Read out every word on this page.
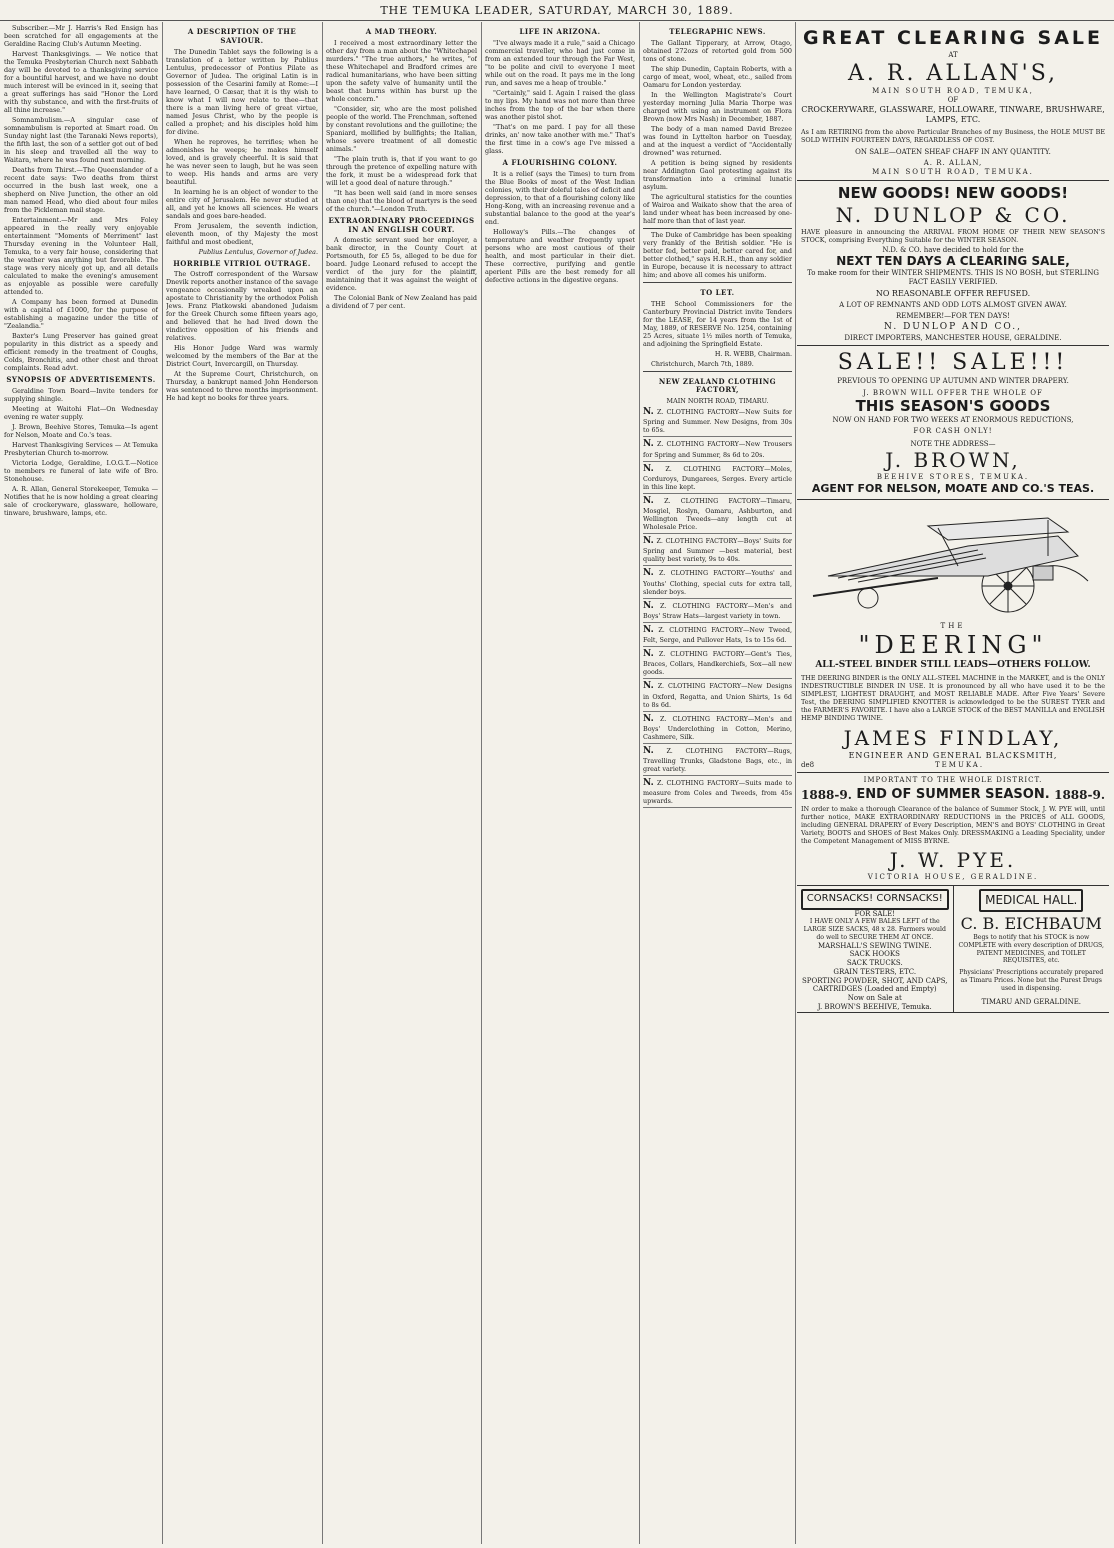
THE TEMUKA LEADER, SATURDAY, MARCH 30, 1889.

Subscriber.—Mr J. Harris's Red Ensign has been scratched for all engagements at the Geraldine Racing Club's Autumn Meeting.

Harvest Thanksgivings. — We notice that the Temuka Presbyterian Church next Sabbath day will be devoted to a thanksgiving service for a bountiful harvest, and we have no doubt much interest will be evinced in it, seeing that a great sufferings has said "Honor the Lord with thy substance, and with the first-fruits of all thine increase."

Somnambulism.—A singular case of somnambulism is reported at Smart road. On Sunday night last (the Taranaki News reports), the fifth last, the son of a settler got out of bed in his sleep and travelled all the way to Waitara, where he was found next morning.

Deaths from Thirst.—The Queenslander of a recent date says: Two deaths from thirst occurred in the bush last week, one a shepherd on Nive Junction, the other an old man named Head, who died about four miles from the Pickleman mail stage.

Entertainment.—Mr and Mrs Foley appeared in the really very enjoyable entertainment "Moments of Merriment" last Thursday evening in the Volunteer Hall, Temuka, to a very fair house, considering that the weather was anything but favorable. The stage was very nicely got up, and all details calculated to make the evening's amusement as enjoyable as possible were carefully attended to.

A Company has been formed at Dunedin with a capital of £1000, for the purpose of establishing a magazine under the title of "Zealandia."

Baxter's Lung Preserver has gained great popularity in this district as a speedy and efficient remedy in the treatment of Coughs, Colds, Bronchitis, and other chest and throat complaints. Read advt.

SYNOPSIS OF ADVERTISEMENTS.

Geraldine Town Board—Invite tenders for supplying shingle.

Meeting at Waitohi Flat—On Wednesday evening re water supply.

J. Brown, Beehive Stores, Temuka—Is agent for Nelson, Moate and Co.'s teas.

Harvest Thanksgiving Services — At Temuka Presbyterian Church to-morrow.

Victoria Lodge, Geraldine, I.O.G.T.—Notice to members re funeral of late wife of Bro. Stonehouse.

A. R. Allan, General Storekeeper, Temuka —Notifies that he is now holding a great clearing sale of crockeryware, glassware, holloware, tinware, brushware, lamps, etc.

A DESCRIPTION OF THE SAVIOUR.

The Dunedin Tablet says the following is a translation of a letter written by Publius Lentulus, predecessor of Pontius Pilate as Governor of Judea. The original Latin is in possession of the Cesarini family at Rome:—I have learned, O Cæsar, that it is thy wish to know what I will now relate to thee—that there is a man living here of great virtue, named Jesus Christ, who by the people is called a prophet; and his disciples hold him for divine.

When he reproves, he terrifies; when he admonishes he weeps; he makes himself loved, and is gravely cheerful. It is said that he was never seen to laugh, but he was seen to weep. His hands and arms are very beautiful.

In learning he is an object of wonder to the entire city of Jerusalem. He never studied at all, and yet he knows all sciences. He wears sandals and goes bare-headed.

From Jerusalem, the seventh indiction, eleventh moon, of thy Majesty the most faithful and most obedient,

Publius Lentulus, Governor of Judea.

HORRIBLE VITRIOL OUTRAGE.

The Ostroff correspondent of the Warsaw Dnevik reports another instance of the savage vengeance occasionally wreaked upon an apostate to Christianity by the orthodox Polish Jews. Franz Platkowski abandoned Judaism for the Greek Church some fifteen years ago, and believed that he had lived down the vindictive opposition of his friends and relatives.

His Honor Judge Ward was warmly welcomed by the members of the Bar at the District Court, Invercargill, on Thursday.

At the Supreme Court, Christchurch, on Thursday, a bankrupt named John Henderson was sentenced to three months imprisonment. He had kept no books for three years.

A MAD THEORY.

I received a most extraordinary letter the other day from a man about the "Whitechapel murders." "The true authors," he writes, "of these Whitechapel and Bradford crimes are radical humanitarians, who have been sitting upon the safety valve of humanity until the beast that burns within has burst up the whole concern."

"Consider, sir, who are the most polished people of the world. The Frenchman, softened by constant revolutions and the guillotine; the Spaniard, mollified by bullfights; the Italian, whose severe treatment of all domestic animals."

"The plain truth is, that if you want to go through the pretence of expelling nature with the fork, it must be a widespread fork that will let a good deal of nature through."

"It has been well said (and in more senses than one) that the blood of martyrs is the seed of the church."—London Truth.

EXTRAORDINARY PROCEEDINGS IN AN ENGLISH COURT.

A domestic servant sued her employer, a bank director, in the County Court at Portsmouth, for £5 5s, alleged to be due for board. Judge Leonard refused to accept the verdict of the jury for the plaintiff, maintaining that it was against the weight of evidence.

The Colonial Bank of New Zealand has paid a dividend of 7 per cent.

LIFE IN ARIZONA.

"I've always made it a rule," said a Chicago commercial traveller, who had just come in from an extended tour through the Far West, "to be polite and civil to everyone I meet while out on the road. It pays me in the long run, and saves me a heap of trouble."

"Certainly," said I. Again I raised the glass to my lips. My hand was not more than three inches from the top of the bar when there was another pistol shot.

"That's on me pard. I pay for all these drinks, an' now take another with me." That's the first time in a cow's age I've missed a glass.

A FLOURISHING COLONY.

It is a relief (says the Times) to turn from the Blue Books of most of the West Indian colonies, with their doleful tales of deficit and depression, to that of a flourishing colony like Hong-Kong, with an increasing revenue and a substantial balance to the good at the year's end.

Holloway's Pills.—The changes of temperature and weather frequently upset persons who are most cautious of their health, and most particular in their diet. These corrective, purifying and gentle aperient Pills are the best remedy for all defective actions in the digestive organs.

TELEGRAPHIC NEWS.

The Gallant Tipperary, at Arrow, Otago, obtained 272ozs of retorted gold from 500 tons of stone.

The ship Dunedin, Captain Roberts, with a cargo of meat, wool, wheat, etc., sailed from Oamaru for London yesterday.

In the Wellington Magistrate's Court yesterday morning Julia Maria Thorpe was charged with using an instrument on Flora Brown (now Mrs Nash) in December, 1887.

The body of a man named David Brezee was found in Lyttelton harbor on Tuesday, and at the inquest a verdict of "Accidentally drowned" was returned.

A petition is being signed by residents near Addington Gaol protesting against its transformation into a criminal lunatic asylum.

The agricultural statistics for the counties of Wairoa and Waikato show that the area of land under wheat has been increased by one-half more than that of last year.

The Duke of Cambridge has been speaking very frankly of the British soldier. "He is better fed, better paid, better cared for, and better clothed," says H.R.H., than any soldier in Europe, because it is necessary to attract him; and above all comes his uniform.

TO LET.

THE School Commissioners for the Canterbury Provincial District invite Tenders for the LEASE, for 14 years from the 1st of May, 1889, of RESERVE No. 1254, containing 25 Acres, situate 1½ miles north of Temuka, and adjoining the Springfield Estate.

H. R. WEBB, Chairman.

Christchurch, March 7th, 1889.

NEW ZEALAND CLOTHING FACTORY,
MAIN NORTH ROAD, TIMARU.
N. Z. CLOTHING FACTORY—New Suits for Spring and Summer. New Designs, from 30s to 65s.
N. Z. CLOTHING FACTORY—New Trousers for Spring and Summer, 8s 6d to 20s.
N. Z. CLOTHING FACTORY—Moles, Corduroys, Dungarees, Serges. Every article in this line kept.
N. Z. CLOTHING FACTORY—Timaru, Mosgiel, Roslyn, Oamaru, Ashburton, and Wellington Tweeds—any length cut at Wholesale Price.
N. Z. CLOTHING FACTORY—Boys' Suits for Spring and Summer —best material, best quality best variety, 9s to 40s.
N. Z. CLOTHING FACTORY—Youths' and Youths' Clothing, special cuts for extra tall, slender boys.
N. Z. CLOTHING FACTORY—Men's and Boys' Straw Hats—largest variety in town.
N. Z. CLOTHING FACTORY—New Tweed, Felt, Serge, and Pullover Hats, 1s to 15s 6d.
N. Z. CLOTHING FACTORY—Gent's Ties, Braces, Collars, Handkerchiefs, Sox—all new goods.
N. Z. CLOTHING FACTORY—New Designs in Oxford, Regatta, and Union Shirts, 1s 6d to 8s 6d.
N. Z. CLOTHING FACTORY—Men's and Boys' Underclothing in Cotton, Merino, Cashmere, Silk.
N. Z. CLOTHING FACTORY—Rugs, Travelling Trunks, Gladstone Bags, etc., in great variety.
N. Z. CLOTHING FACTORY—Suits made to measure from Coles and Tweeds, from 45s upwards.
GREAT CLEARING SALE
AT
A. R. ALLAN'S,
MAIN SOUTH ROAD, TEMUKA,
OF
CROCKERYWARE, GLASSWARE, HOLLOWARE, TINWARE, BRUSHWARE, LAMPS, ETC.
As I am RETIRING from the above Particular Branches of my Business, the HOLE MUST BE SOLD WITHIN FOURTEEN DAYS, REGARDLESS OF COST.
ON SALE—OATEN SHEAF CHAFF IN ANY QUANTITY.
A. R. ALLAN,
MAIN SOUTH ROAD, TEMUKA.
NEW GOODS! NEW GOODS!
N. DUNLOP & CO.
HAVE pleasure in announcing the ARRIVAL FROM HOME OF THEIR NEW SEASON'S STOCK, comprising Everything Suitable for the WINTER SEASON.
N.D. & CO. have decided to hold for the
NEXT TEN DAYS A CLEARING SALE,
To make room for their WINTER SHIPMENTS. THIS IS NO BOSH, but STERLING FACT EASILY VERIFIED.
NO REASONABLE OFFER REFUSED.
A LOT OF REMNANTS AND ODD LOTS ALMOST GIVEN AWAY.
REMEMBER!—FOR TEN DAYS!
N. DUNLOP AND CO.,
DIRECT IMPORTERS, MANCHESTER HOUSE, GERALDINE.
SALE!! SALE!!!
PREVIOUS TO OPENING UP AUTUMN AND WINTER DRAPERY.
J. BROWN WILL OFFER THE WHOLE OF
THIS SEASON'S GOODS
NOW ON HAND FOR TWO WEEKS AT ENORMOUS REDUCTIONS,
FOR CASH ONLY!
NOTE THE ADDRESS—
J. BROWN,
BEEHIVE STORES, TEMUKA.
AGENT FOR NELSON, MOATE AND CO.'S TEAS.
THE
"DEERING"
ALL-STEEL BINDER STILL LEADS—OTHERS FOLLOW.
THE DEERING BINDER is the ONLY ALL-STEEL MACHINE in the MARKET, and is the ONLY INDESTRUCTIBLE BINDER IN USE. It is pronounced by all who have used it to be the SIMPLEST, LIGHTEST DRAUGHT, and MOST RELIABLE MADE. After Five Years' Severe Test, the DEERING SIMPLIFIED KNOTTER is acknowledged to be the SUREST TYER and the FARMER'S FAVORITE. I have also a LARGE STOCK of the BEST MANILLA and ENGLISH HEMP BINDING TWINE.
JAMES FINDLAY,
ENGINEER AND GENERAL BLACKSMITH,
de8	TEMUKA.
IMPORTANT TO THE WHOLE DISTRICT.
1888-9. END OF SUMMER SEASON. 1888-9.
IN order to make a thorough Clearance of the balance of Summer Stock, J. W. PYE will, until further notice, MAKE EXTRAORDINARY REDUCTIONS in the PRICES of ALL GOODS, including GENERAL DRAPERY of Every Description, MEN'S and BOYS' CLOTHING in Great Variety, BOOTS and SHOES of Best Makes Only. DRESSMAKING a Leading Speciality, under the Competent Management of MISS BYRNE.
J. W. PYE.
VICTORIA HOUSE, GERALDINE.
CORNSACKS! CORNSACKS!
FOR SALE!
I HAVE ONLY A FEW BALES LEFT of the LARGE SIZE SACKS, 48 x 28. Farmers would do well to SECURE THEM AT ONCE.
MARSHALL'S SEWING TWINE.
SACK HOOKS
SACK TRUCKS.
GRAIN TESTERS, ETC.
SPORTING POWDER, SHOT, AND CAPS,
CARTRIDGES (Loaded and Empty)
Now on Sale at
J. BROWN'S BEEHIVE, Temuka.
MEDICAL HALL.
C. B. EICHBAUM
Begs to notify that his STOCK is now COMPLETE with every description of DRUGS, PATENT MEDICINES, and TOILET REQUISITES, etc.
Physicians' Prescriptions accurately prepared as Timaru Prices. None but the Purest Drugs used in dispensing.
TIMARU AND GERALDINE.
